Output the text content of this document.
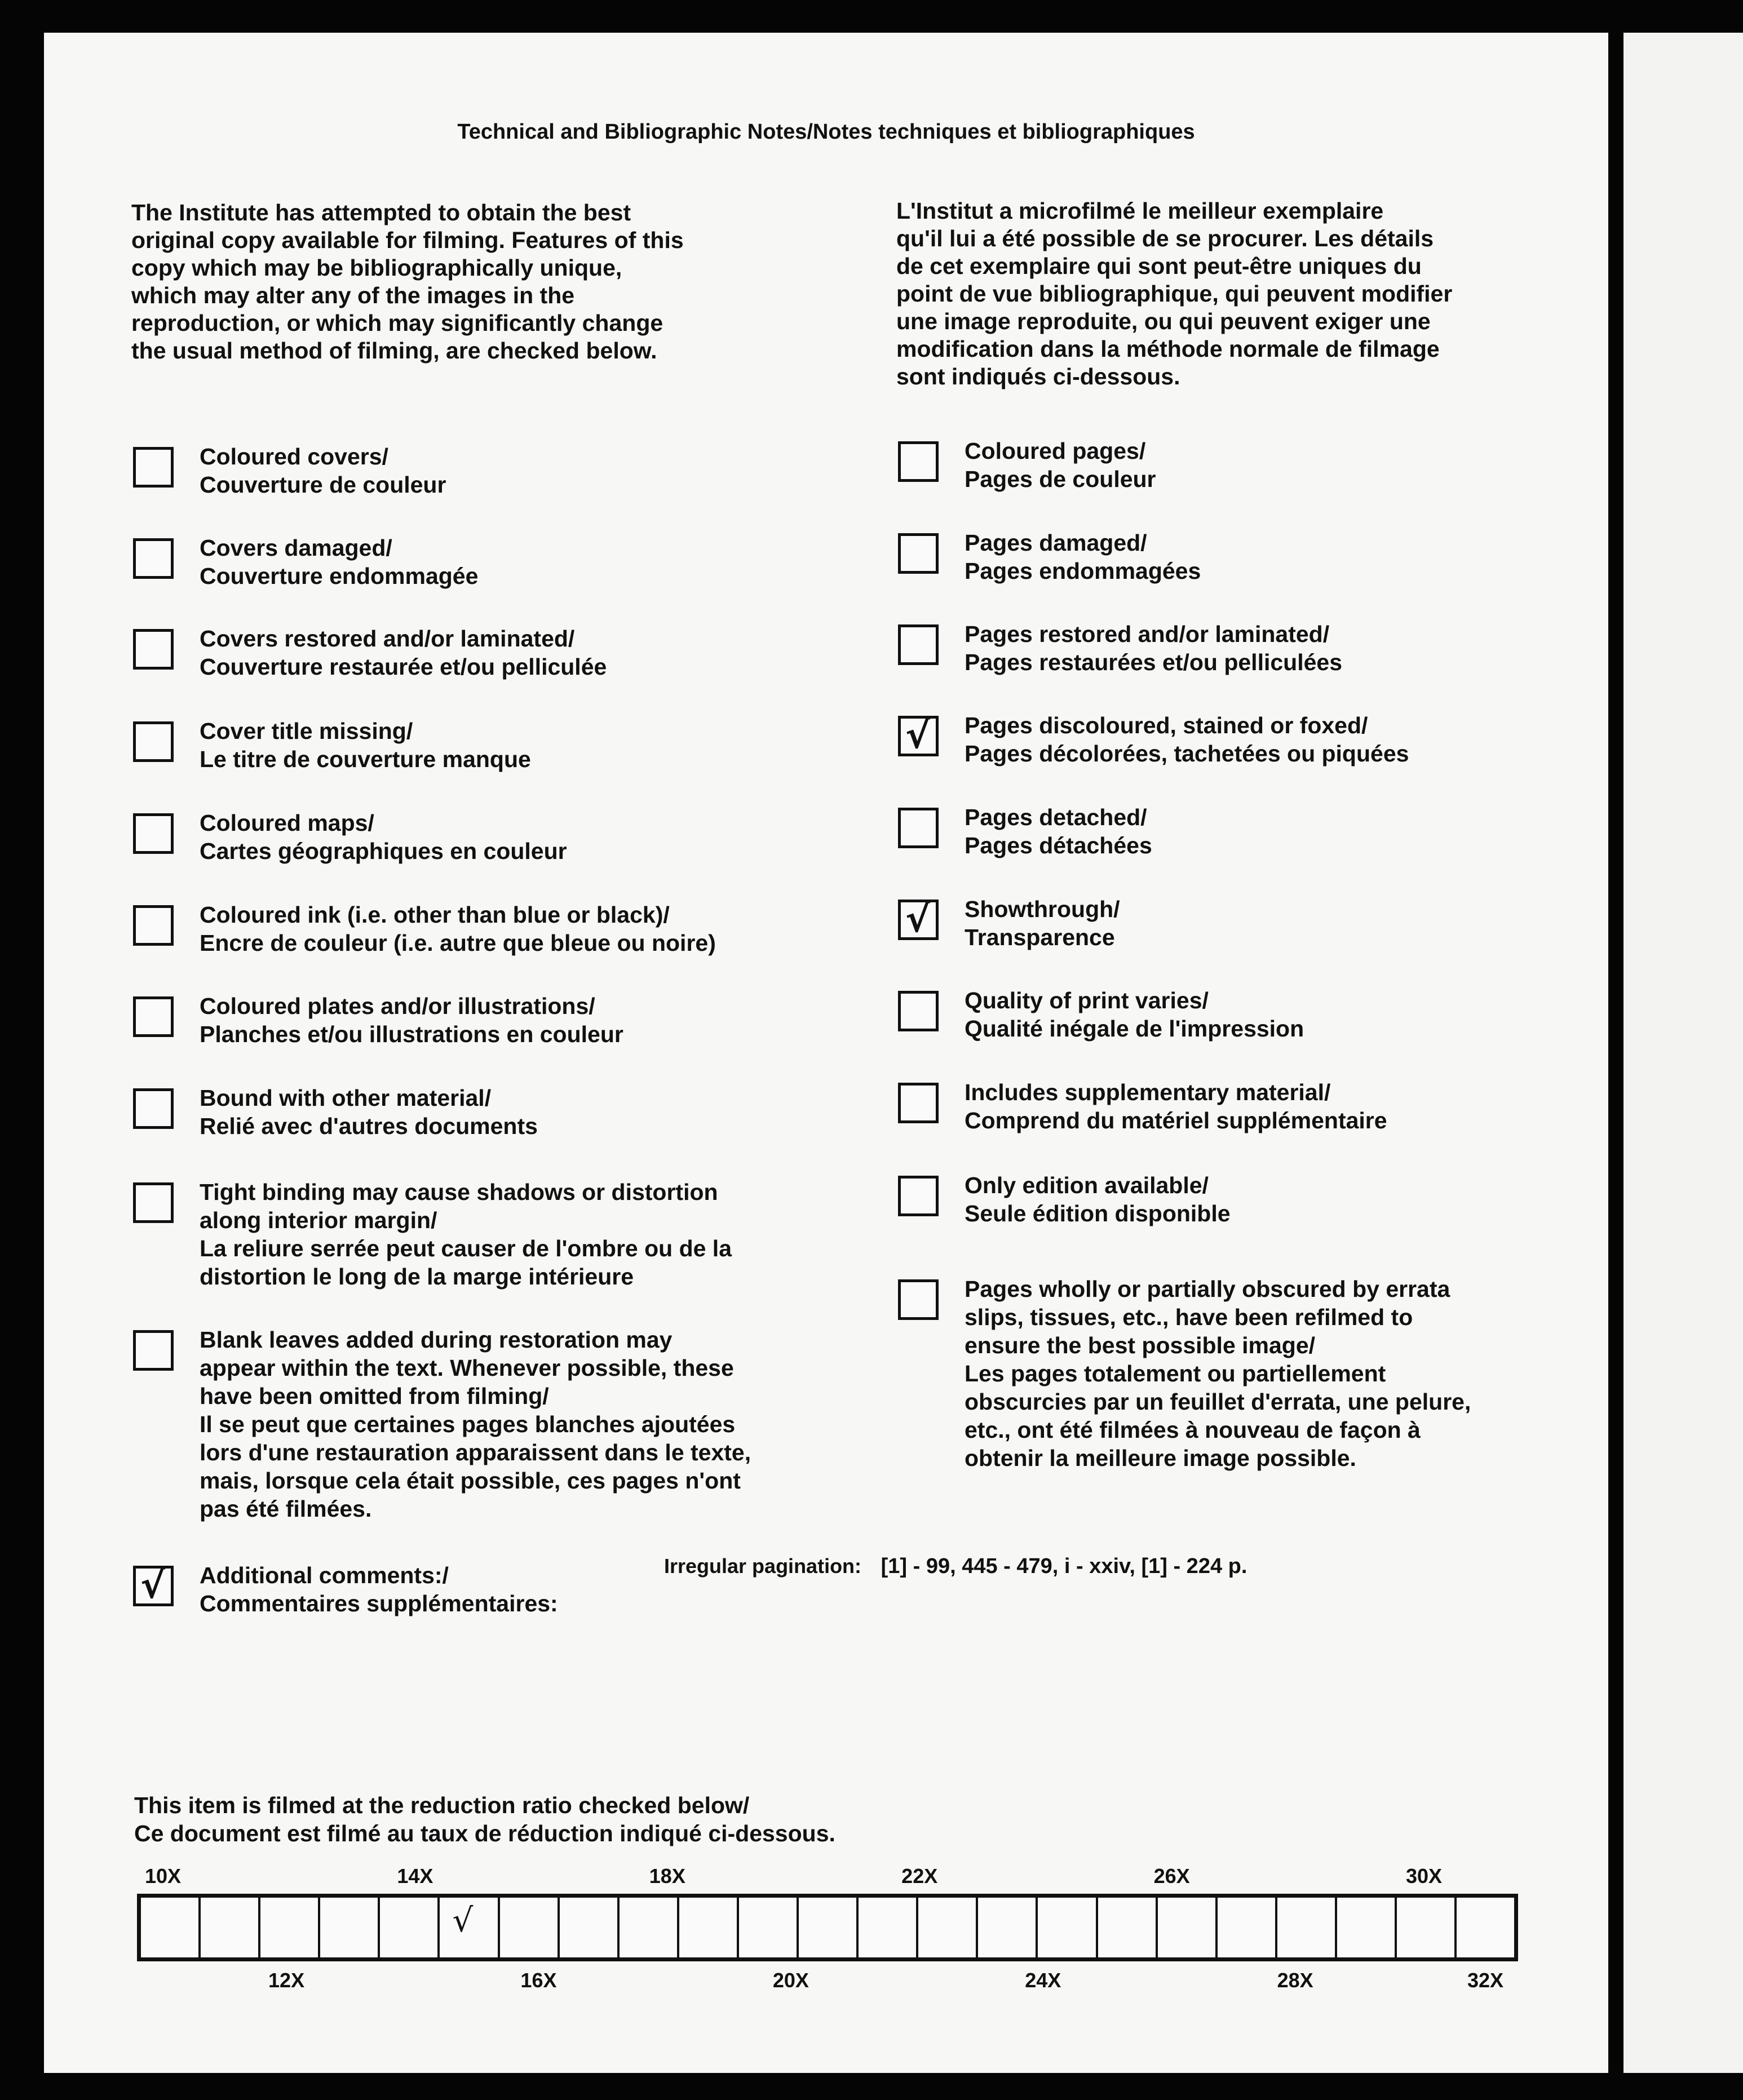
Technical and Bibliographic Notes/Notes techniques et bibliographiques
The Institute has attempted to obtain the best
original copy available for filming. Features of this
copy which may be bibliographically unique,
which may alter any of the images in the
reproduction, or which may significantly change
the usual method of filming, are checked below.
L'Institut a microfilmé le meilleur exemplaire
qu'il lui a été possible de se procurer. Les détails
de cet exemplaire qui sont peut-être uniques du
point de vue bibliographique, qui peuvent modifier
une image reproduite, ou qui peuvent exiger une
modification dans la méthode normale de filmage
sont indiqués ci-dessous.
Coloured covers/
Couverture de couleur
Covers damaged/
Couverture endommagée
Covers restored and/or laminated/
Couverture restaurée et/ou pelliculée
Cover title missing/
Le titre de couverture manque
Coloured maps/
Cartes géographiques en couleur
Coloured ink (i.e. other than blue or black)/
Encre de couleur (i.e. autre que bleue ou noire)
Coloured plates and/or illustrations/
Planches et/ou illustrations en couleur
Bound with other material/
Relié avec d'autres documents
Tight binding may cause shadows or distortion
along interior margin/
La reliure serrée peut causer de l'ombre ou de la
distortion le long de la marge intérieure
Blank leaves added during restoration may
appear within the text. Whenever possible, these
have been omitted from filming/
Il se peut que certaines pages blanches ajoutées
lors d'une restauration apparaissent dans le texte,
mais, lorsque cela était possible, ces pages n'ont
pas été filmées.
√ Additional comments:/
Commentaires supplémentaires:
Coloured pages/
Pages de couleur
Pages damaged/
Pages endommagées
Pages restored and/or laminated/
Pages restaurées et/ou pelliculées
√ Pages discoloured, stained or foxed/
Pages décolorées, tachetées ou piquées
Pages detached/
Pages détachées
√ Showthrough/
Transparence
Quality of print varies/
Qualité inégale de l'impression
Includes supplementary material/
Comprend du matériel supplémentaire
Only edition available/
Seule édition disponible
Pages wholly or partially obscured by errata
slips, tissues, etc., have been refilmed to
ensure the best possible image/
Les pages totalement ou partiellement
obscurcies par un feuillet d'errata, une pelure,
etc., ont été filmées à nouveau de façon à
obtenir la meilleure image possible.
Irregular pagination: [1] - 99, 445 - 479, i - xxiv, [1] - 224 p.
This item is filmed at the reduction ratio checked below/
Ce document est filmé au taux de réduction indiqué ci-dessous.
10X	14X	18X	22X	26X	30X
√
12X	16X	20X	24X	28X	32X
